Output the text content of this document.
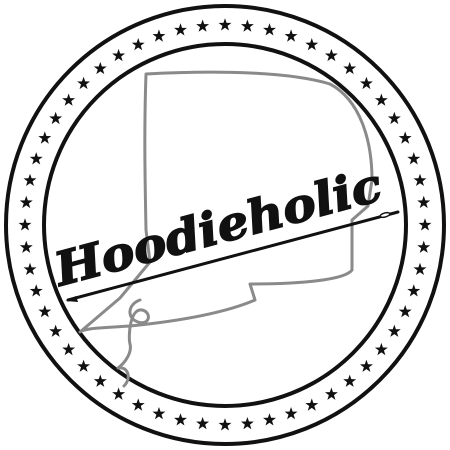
Hoodieholic
